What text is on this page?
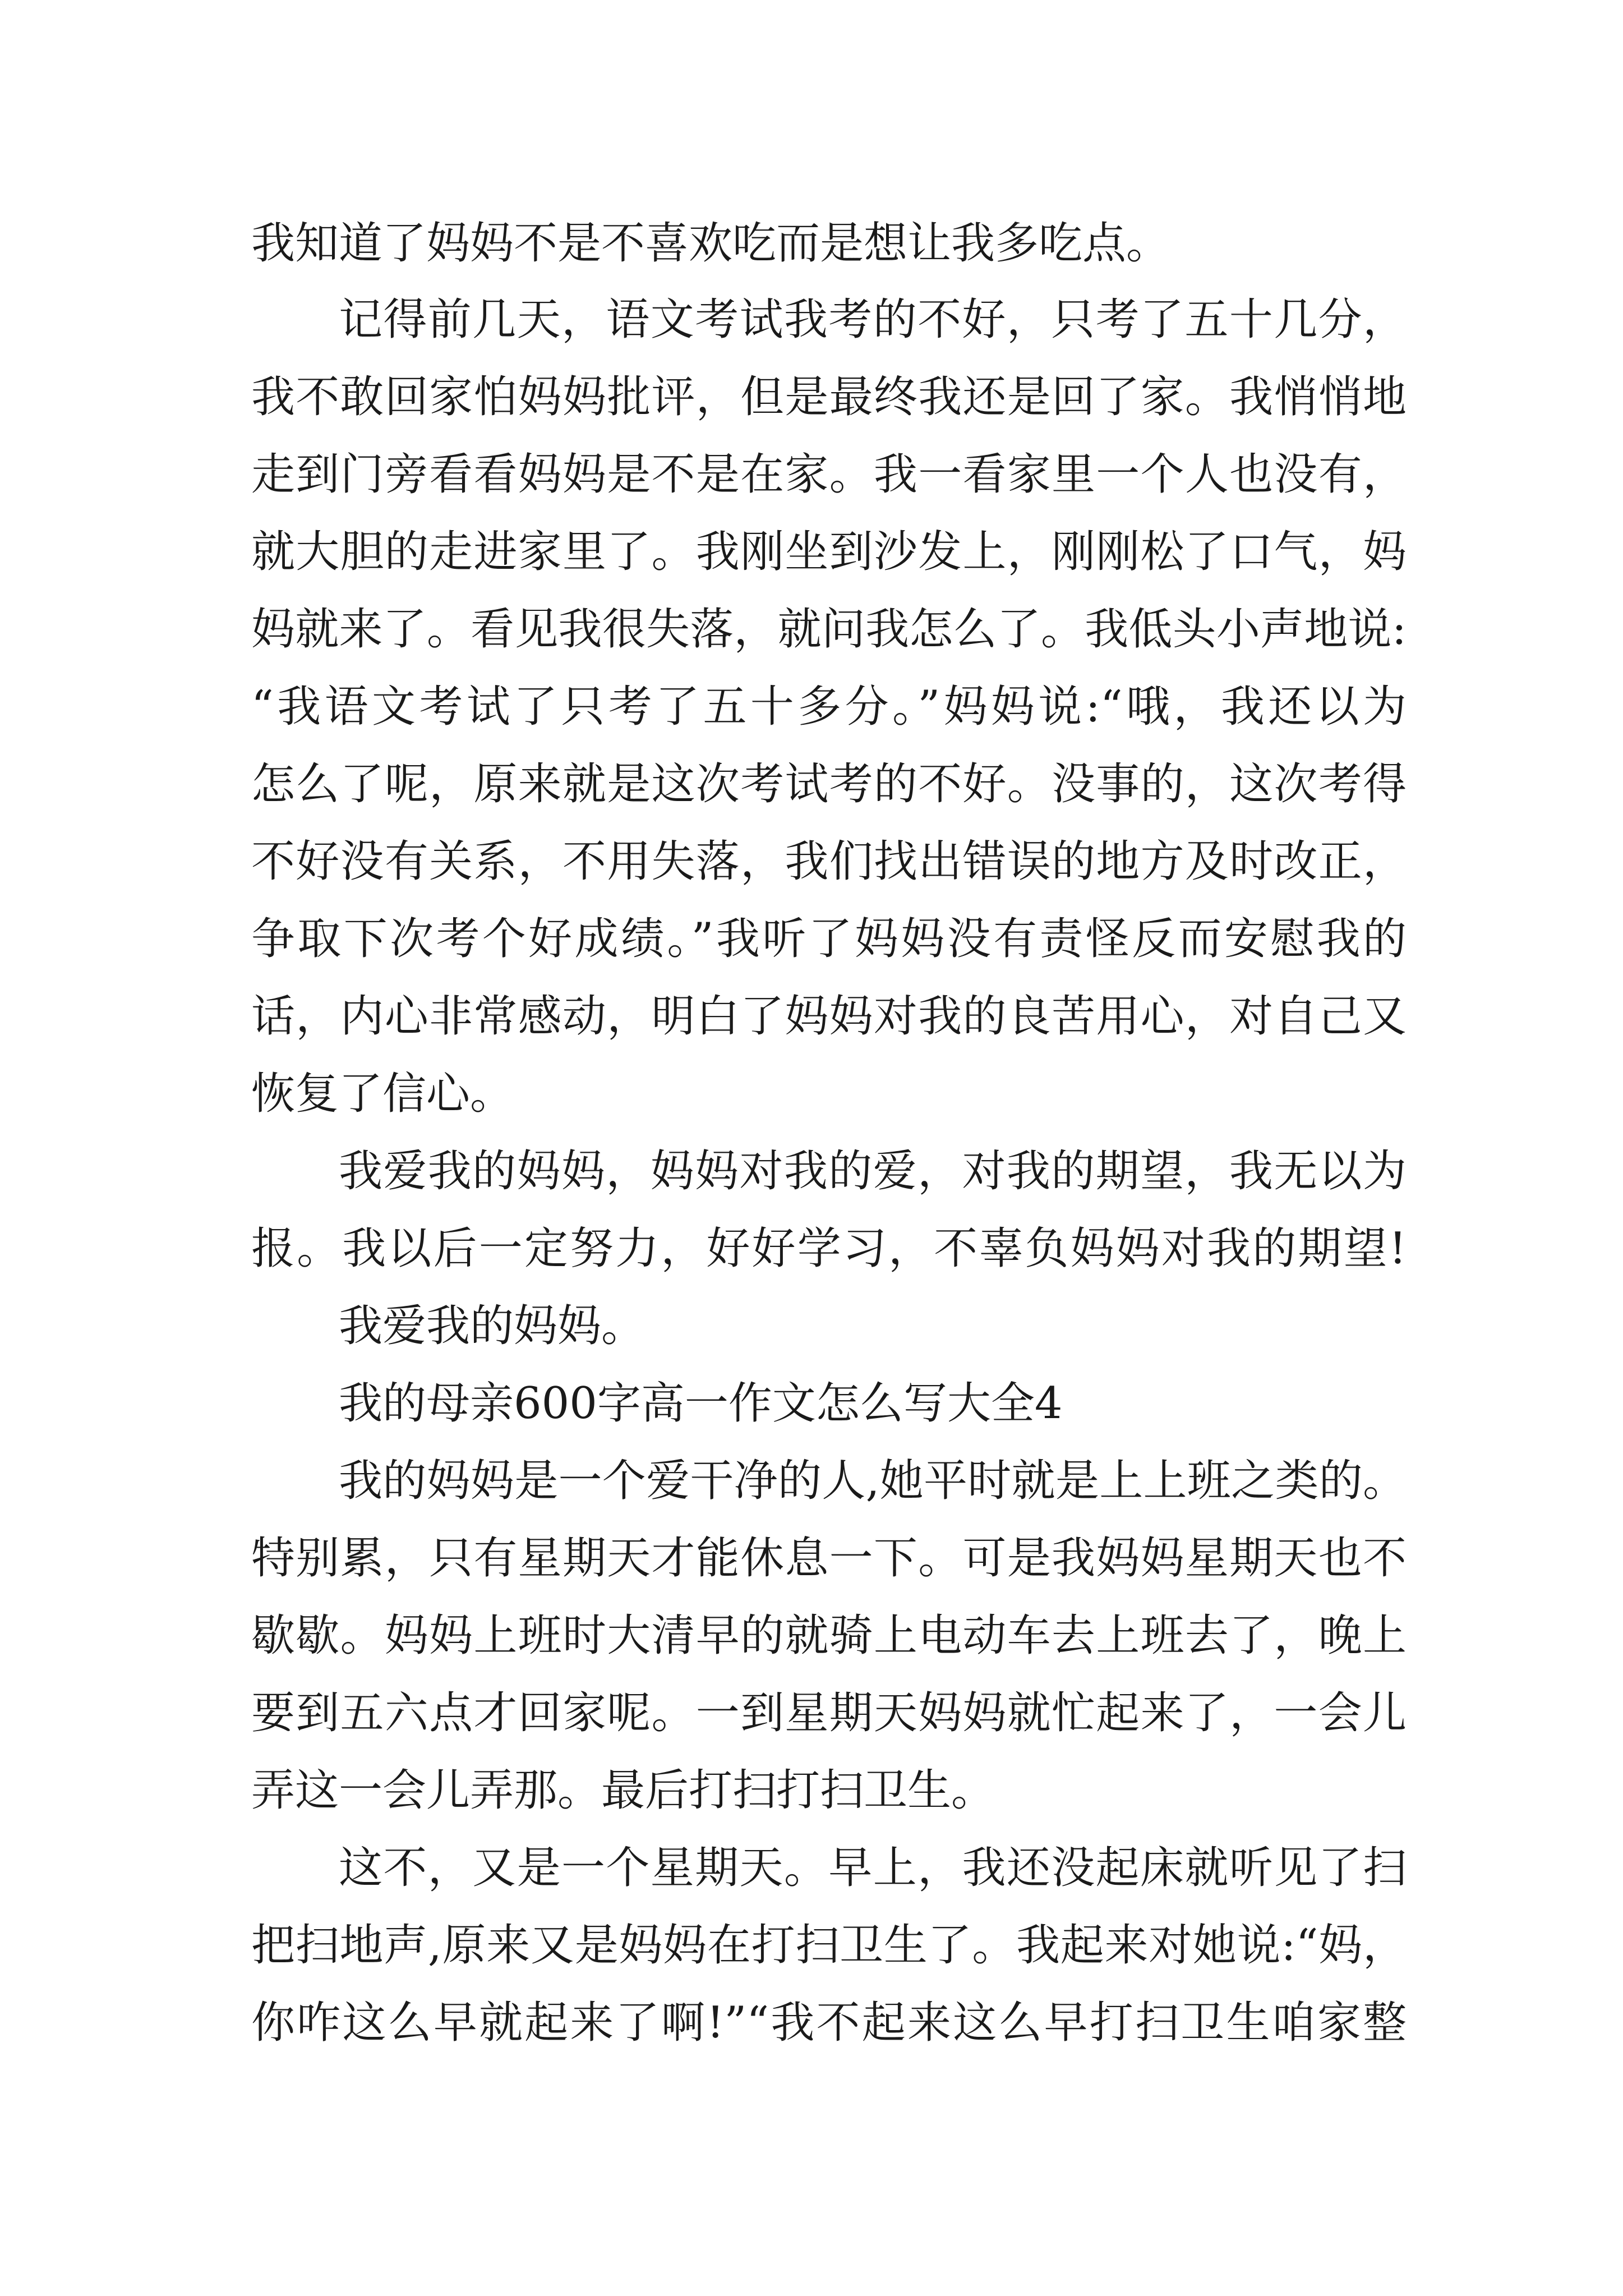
我知道了妈妈不是不喜欢吃而是想让我多吃点。
记得前几天，语文考试我考的不好，只考了五十几分，
我不敢回家怕妈妈批评，但是最终我还是回了家。我悄悄地
走到门旁看看妈妈是不是在家。我一看家里一个人也没有，
就大胆的走进家里了。我刚坐到沙发上，刚刚松了口气，妈
妈就来了。看见我很失落，就问我怎么了。我低头小声地说:
“我语文考试了只考了五十多分。”妈妈说:“哦，我还以为
怎么了呢，原来就是这次考试考的不好。没事的，这次考得
不好没有关系，不用失落，我们找出错误的地方及时改正，
争取下次考个好成绩。”我听了妈妈没有责怪反而安慰我的
话，内心非常感动，明白了妈妈对我的良苦用心，对自己又
恢复了信心。
我爱我的妈妈，妈妈对我的爱，对我的期望，我无以为
报。我以后一定努力，好好学习，不辜负妈妈对我的期望!
我爱我的妈妈。
我的母亲600字高一作文怎么写大全4
我的妈妈是一个爱干净的人,她平时就是上上班之类的。
特别累，只有星期天才能休息一下。可是我妈妈星期天也不
歇歇。妈妈上班时大清早的就骑上电动车去上班去了，晚上
要到五六点才回家呢。一到星期天妈妈就忙起来了，一会儿
弄这一会儿弄那。最后打扫打扫卫生。
这不，又是一个星期天。早上，我还没起床就听见了扫
把扫地声,原来又是妈妈在打扫卫生了。我起来对她说:“妈，
你咋这么早就起来了啊!”“我不起来这么早打扫卫生咱家整
